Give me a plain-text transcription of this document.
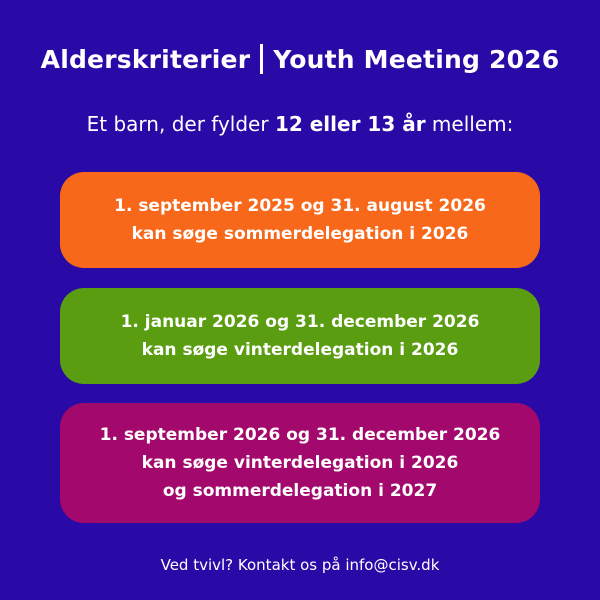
Alderskriterier Youth Meeting 2026
Et barn, der fylder 12 eller 13 år mellem:
1. september 2025 og 31. august 2026
kan søge sommerdelegation i 2026
1. januar 2026 og 31. december 2026
kan søge vinterdelegation i 2026
1. september 2026 og 31. december 2026
kan søge vinterdelegation i 2026
og sommerdelegation i 2027
Ved tvivl? Kontakt os på info@cisv.dk
